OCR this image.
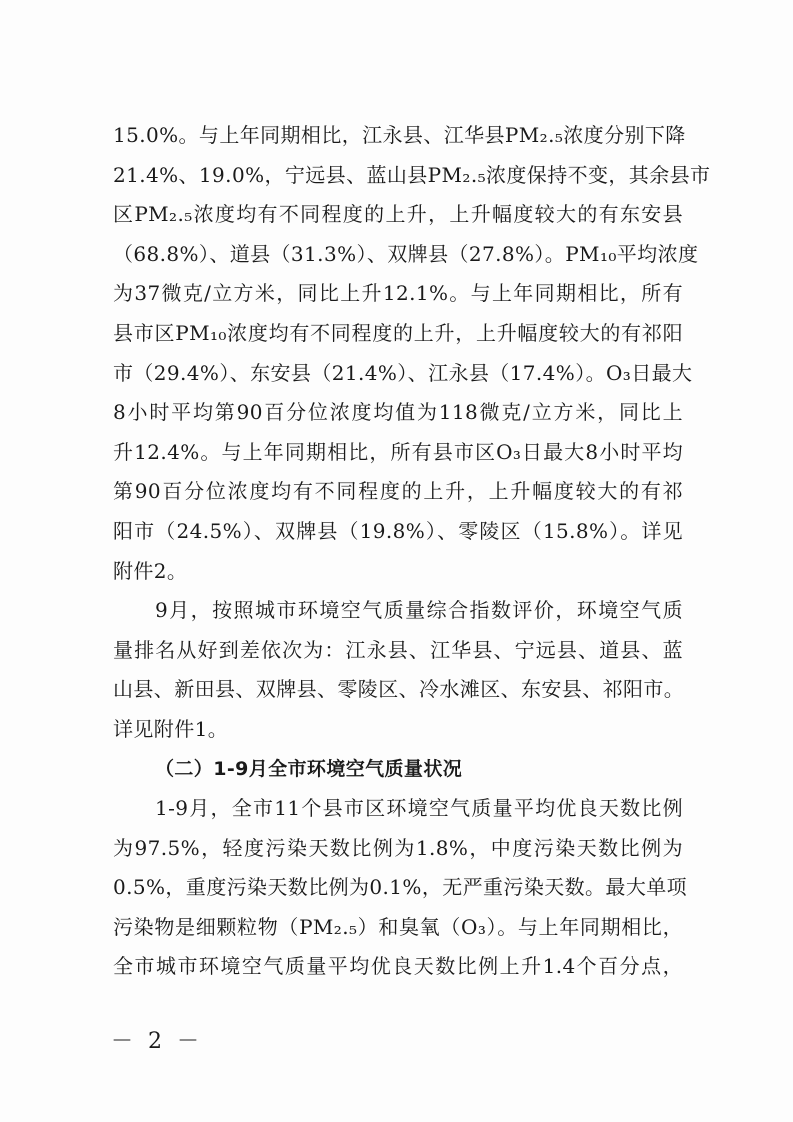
15.0%。与上年同期相比，江永县、江华县PM₂.₅浓度分别下降
21.4%、19.0%，宁远县、蓝山县PM₂.₅浓度保持不变，其余县市
区PM₂.₅浓度均有不同程度的上升，上升幅度较大的有东安县
（68.8%）、道县（31.3%）、双牌县（27.8%）。PM₁₀平均浓度
为37微克/立方米，同比上升12.1%。与上年同期相比，所有
县市区PM₁₀浓度均有不同程度的上升，上升幅度较大的有祁阳
市（29.4%）、东安县（21.4%）、江永县（17.4%）。O₃日最大
8小时平均第90百分位浓度均值为118微克/立方米，同比上
升12.4%。与上年同期相比，所有县市区O₃日最大8小时平均
第90百分位浓度均有不同程度的上升，上升幅度较大的有祁
阳市（24.5%）、双牌县（19.8%）、零陵区（15.8%）。详见
附件2。
9月，按照城市环境空气质量综合指数评价，环境空气质
量排名从好到差依次为：江永县、江华县、宁远县、道县、蓝
山县、新田县、双牌县、零陵区、冷水滩区、东安县、祁阳市。
详见附件1。
（二）1-9月全市环境空气质量状况
1-9月，全市11个县市区环境空气质量平均优良天数比例
为97.5%，轻度污染天数比例为1.8%，中度污染天数比例为
0.5%，重度污染天数比例为0.1%，无严重污染天数。最大单项
污染物是细颗粒物（PM₂.₅）和臭氧（O₃）。与上年同期相比，
全市城市环境空气质量平均优良天数比例上升1.4个百分点，
－ 2 －
